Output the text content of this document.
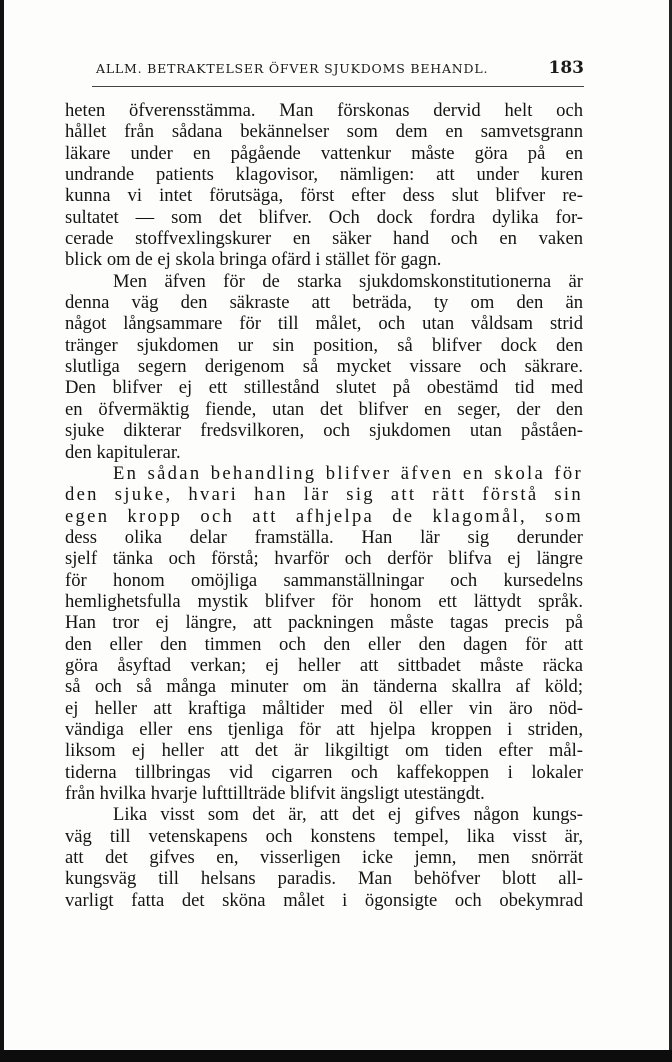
ALLM. BETRAKTELSER ÖFVER SJUKDOMS BEHANDL.	183
heten öfverensstämma. Man förskonas dervid helt och
hållet från sådana bekännelser som dem en samvetsgrann
läkare under en pågående vattenkur måste göra på en
undrande patients klagovisor, nämligen: att under kuren
kunna vi intet förutsäga, först efter dess slut blifver re-
sultatet — som det blifver. Och dock fordra dylika for-
cerade stoffvexlingskurer en säker hand och en vaken
blick om de ej skola bringa ofärd i stället för gagn.
Men äfven för de starka sjukdomskonstitutionerna är
denna väg den säkraste att beträda, ty om den än
något långsammare för till målet, och utan våldsam strid
tränger sjukdomen ur sin position, så blifver dock den
slutliga segern derigenom så mycket vissare och säkrare.
Den blifver ej ett stillestånd slutet på obestämd tid med
en öfvermäktig fiende, utan det blifver en seger, der den
sjuke dikterar fredsvilkoren, och sjukdomen utan påståen-
den kapitulerar.
En sådan behandling blifver äfven en skola för
den sjuke, hvari han lär sig att rätt förstå sin
egen kropp och att afhjelpa de klagomål, som
dess olika delar framställa. Han lär sig derunder
sjelf tänka och förstå; hvarför och derför blifva ej längre
för honom omöjliga sammanställningar och kursedelns
hemlighetsfulla mystik blifver för honom ett lättydt språk.
Han tror ej längre, att packningen måste tagas precis på
den eller den timmen och den eller den dagen för att
göra åsyftad verkan; ej heller att sittbadet måste räcka
så och så många minuter om än tänderna skallra af köld;
ej heller att kraftiga måltider med öl eller vin äro nöd-
vändiga eller ens tjenliga för att hjelpa kroppen i striden,
liksom ej heller att det är likgiltigt om tiden efter mål-
tiderna tillbringas vid cigarren och kaffekoppen i lokaler
från hvilka hvarje lufttillträde blifvit ängsligt utestängdt.
Lika visst som det är, att det ej gifves någon kungs-
väg till vetenskapens och konstens tempel, lika visst är,
att det gifves en, visserligen icke jemn, men snörrät
kungsväg till helsans paradis. Man behöfver blott all-
varligt fatta det sköna målet i ögonsigte och obekymrad
